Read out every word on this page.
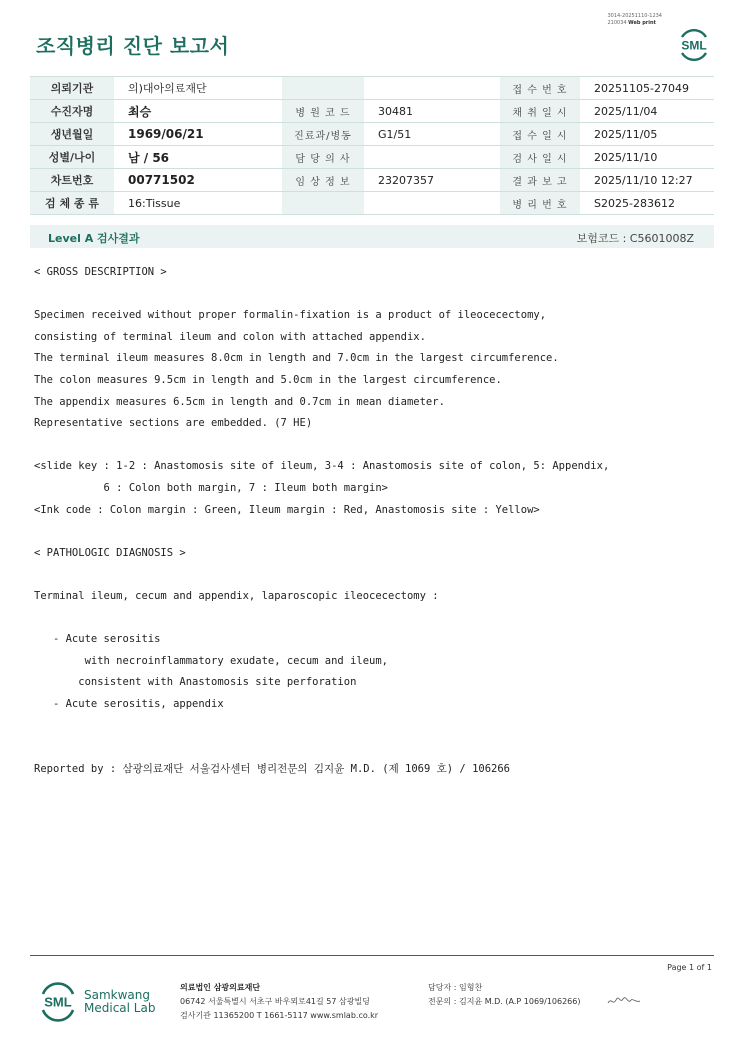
3014-20251110-1234
210034 Web print
조직병리 진단 보고서	SML
의뢰기관	의)대아의료재단			접 수 번 호	20251105-27049
수진자명	최승	병 원 코 드	30481	채 취 일 시	2025/11/04
생년월일	1969/06/21	진료과/병동	G1/51	접 수 일 시	2025/11/05
성별/나이	남 / 56	담 당 의 사		검 사 일 시	2025/11/10
차트번호	00771502	임 상 정 보	23207357	결 과 보 고	2025/11/10 12:27
검 체 종 류	16:Tissue			병 리 번 호	S2025-283612
Level A 검사결과	보험코드 : C5601008Z
< GROSS DESCRIPTION >
Specimen received without proper formalin-fixation is a product of ileocecectomy,
consisting of terminal ileum and colon with attached appendix.
The terminal ileum measures 8.0cm in length and 7.0cm in the largest circumference.
The colon measures 9.5cm in length and 5.0cm in the largest circumference.
The appendix measures 6.5cm in length and 0.7cm in mean diameter.
Representative sections are embedded. (7 HE)
<slide key : 1-2 : Anastomosis site of ileum, 3-4 : Anastomosis site of colon, 5: Appendix,
6 : Colon both margin, 7 : Ileum both margin>
<Ink code : Colon margin : Green, Ileum margin : Red, Anastomosis site : Yellow>
< PATHOLOGIC DIAGNOSIS >
Terminal ileum, cecum and appendix, laparoscopic ileocecectomy :
- Acute serositis
with necroinflammatory exudate, cecum and ileum,
consistent with Anastomosis site perforation
- Acute serositis, appendix
Reported by : 삼광의료재단 서울검사센터 병리전문의 김지윤 M.D. (제 1069 호) / 106266
Page 1 of 1
SML Samkwang
Medical Lab
의료법인 삼광의료재단
06742 서울특별시 서초구 바우뫼로41길 57 삼광빌딩
검사기관 11365200 T 1661-5117 www.smlab.co.kr
담당자 : 임형찬
전문의 : 김지윤 M.D. (A.P 1069/106266)
